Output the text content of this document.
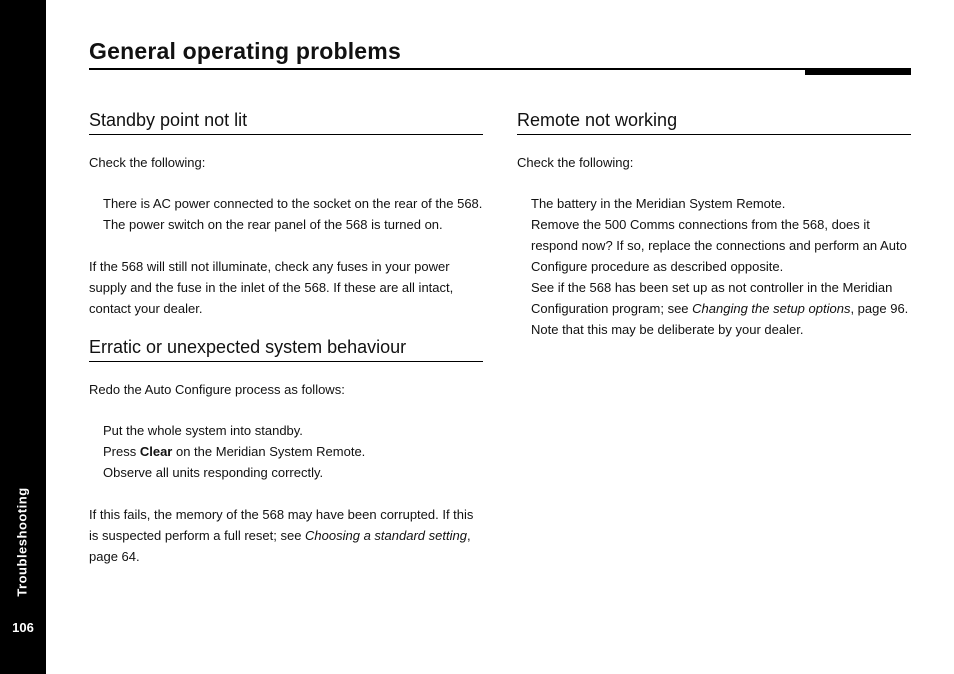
Troubleshooting
106
General operating problems
Standby point not lit

Check the following:

There is AC power connected to the socket on the rear of the 568.
The power switch on the rear panel of the 568 is turned on.

If the 568 will still not illuminate, check any fuses in your power supply and the fuse in the inlet of the 568. If these are all intact, contact your dealer.

Erratic or unexpected system behaviour

Redo the Auto Configure process as follows:

Put the whole system into standby.
Press Clear on the Meridian System Remote.
Observe all units responding correctly.

If this fails, the memory of the 568 may have been corrupted. If this is suspected perform a full reset; see Choosing a standard setting, page 64.

Remote not working

Check the following:

The battery in the Meridian System Remote.
Remove the 500 Comms connections from the 568, does it respond now? If so, replace the connections and perform an Auto Configure procedure as described opposite.
See if the 568 has been set up as not controller in the Meridian Configuration program; see Changing the setup options, page 96. Note that this may be deliberate by your dealer.
